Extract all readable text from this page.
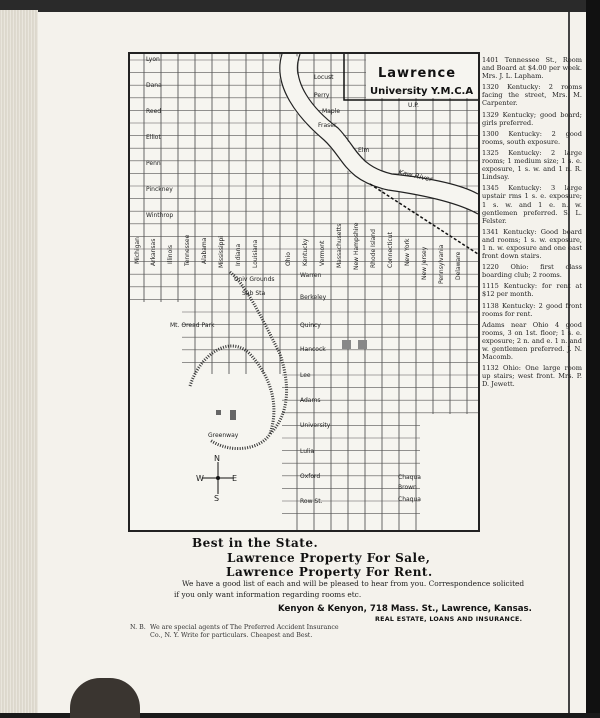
Lawrence
University Y.M.C.A
Kaw River
Lyon
Dana
Reed
Elliot
Penn
Pinckney
Winthrop
Warren
Berkeley
Quincy
Hancock
Lee
Adams
University
Lulia
Oxford
Row St.
Locust
Perry
Maple
Elm
U.P.
Brown
Fraser
Chaqua
Michigan Arkansas Illinois Tennessee Alabama Mississippi Indiana Louisiana	Ohio Kentucky Vermont Massachusetts New Hampshire Rhode Island Connecticut New York New Jersey Pennsylvania Delaware
Mt. Oread Park
Greenway
Univ Grounds
Chaqua
Sub Sta
N
S
E
W

1401 Tennessee St., Room and Board at $4.00 per week. Mrs. J. L. Lapham.

1320 Kentucky: 2 rooms facing the street, Mrs. M. Carpenter.

1329 Kentucky; good board; girls preferred.

1300 Kentucky: 2 good rooms, south exposure.

1325 Kentucky: 2 large rooms; 1 medium size; 1 s. e. exposure, 1 s. w. and 1 n. R. Lindsay.

1345 Kentucky: 3 large upstair rms 1 s. e. exposure; 1 s. w. and 1 e. n. w. gentlemen preferred. S. L. Felster.

1341 Kentucky: Good board and rooms; 1 s. w. exposure, 1 n. w. exposure and one east front down stairs.

1220 Ohio: first class boarding club; 2 rooms.

1115 Kentucky: for rent at $12 per month.

1138 Kentucky: 2 good front rooms for rent.

Adams near Ohio 4 good rooms, 3 on 1st. floor; 1 s. e. exposure; 2 n. and e. 1 n. and w. gentlemen preferred. J. N. Macomb.

1132 Ohio: One large room up stairs; west front. Mrs. P. D. Jewett.

Best in the State.
Lawrence Property For Sale,
Lawrence Property For Rent.
We have a good list of each and will be pleased to hear from you. Correspondence solicited
if you only want information regarding rooms etc.
Kenyon & Kenyon, 718 Mass. St., Lawrence, Kansas.
REAL ESTATE, LOANS AND INSURANCE.
N. B. We are special agents of The Preferred Accident Insurance
Co., N. Y. Write for particulars. Cheapest and Best.
